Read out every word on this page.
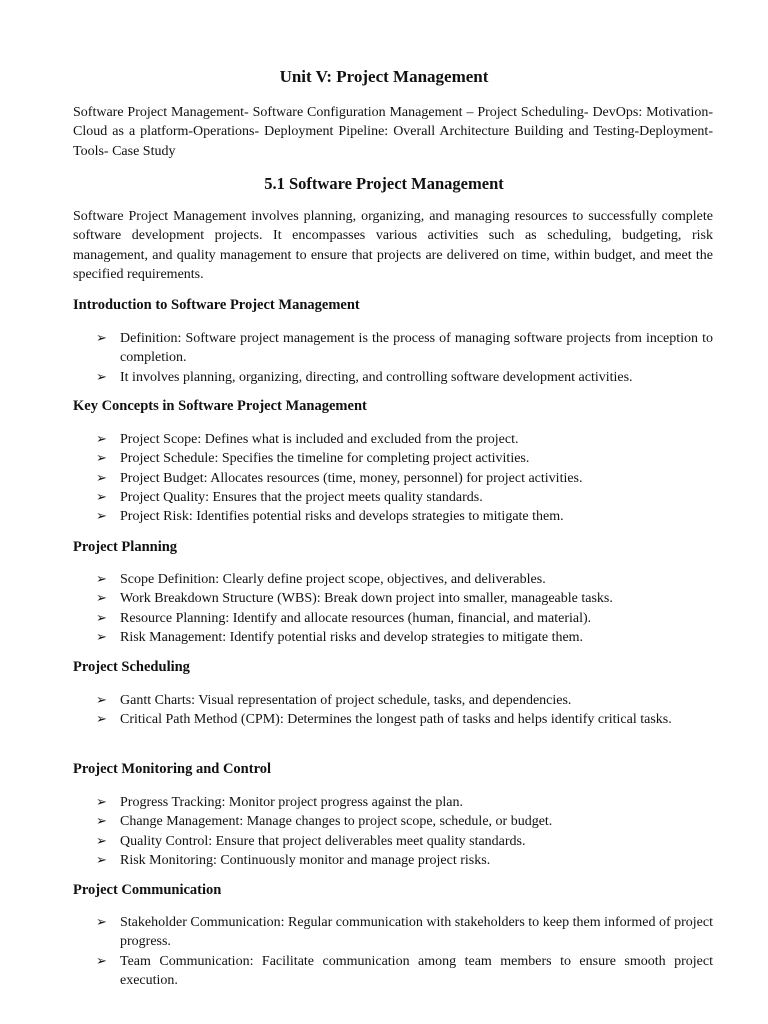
Unit V: Project Management

Software Project Management- Software Configuration Management – Project Scheduling- DevOps: Motivation-Cloud as a platform-Operations- Deployment Pipeline: Overall Architecture Building and Testing-Deployment- Tools- Case Study

5.1 Software Project Management

Software Project Management involves planning, organizing, and managing resources to successfully complete software development projects. It encompasses various activities such as scheduling, budgeting, risk management, and quality management to ensure that projects are delivered on time, within budget, and meet the specified requirements.

Introduction to Software Project Management
➢ Definition: Software project management is the process of managing software projects from inception to completion.
➢ It involves planning, organizing, directing, and controlling software development activities.
Key Concepts in Software Project Management
➢ Project Scope: Defines what is included and excluded from the project.
➢ Project Schedule: Specifies the timeline for completing project activities.
➢ Project Budget: Allocates resources (time, money, personnel) for project activities.
➢ Project Quality: Ensures that the project meets quality standards.
➢ Project Risk: Identifies potential risks and develops strategies to mitigate them.
Project Planning
➢ Scope Definition: Clearly define project scope, objectives, and deliverables.
➢ Work Breakdown Structure (WBS): Break down project into smaller, manageable tasks.
➢ Resource Planning: Identify and allocate resources (human, financial, and material).
➢ Risk Management: Identify potential risks and develop strategies to mitigate them.
Project Scheduling
➢ Gantt Charts: Visual representation of project schedule, tasks, and dependencies.
➢ Critical Path Method (CPM): Determines the longest path of tasks and helps identify critical tasks.
Project Monitoring and Control
➢ Progress Tracking: Monitor project progress against the plan.
➢ Change Management: Manage changes to project scope, schedule, or budget.
➢ Quality Control: Ensure that project deliverables meet quality standards.
➢ Risk Monitoring: Continuously monitor and manage project risks.
Project Communication
➢ Stakeholder Communication: Regular communication with stakeholders to keep them informed of project progress.
➢ Team Communication: Facilitate communication among team members to ensure smooth project execution.
